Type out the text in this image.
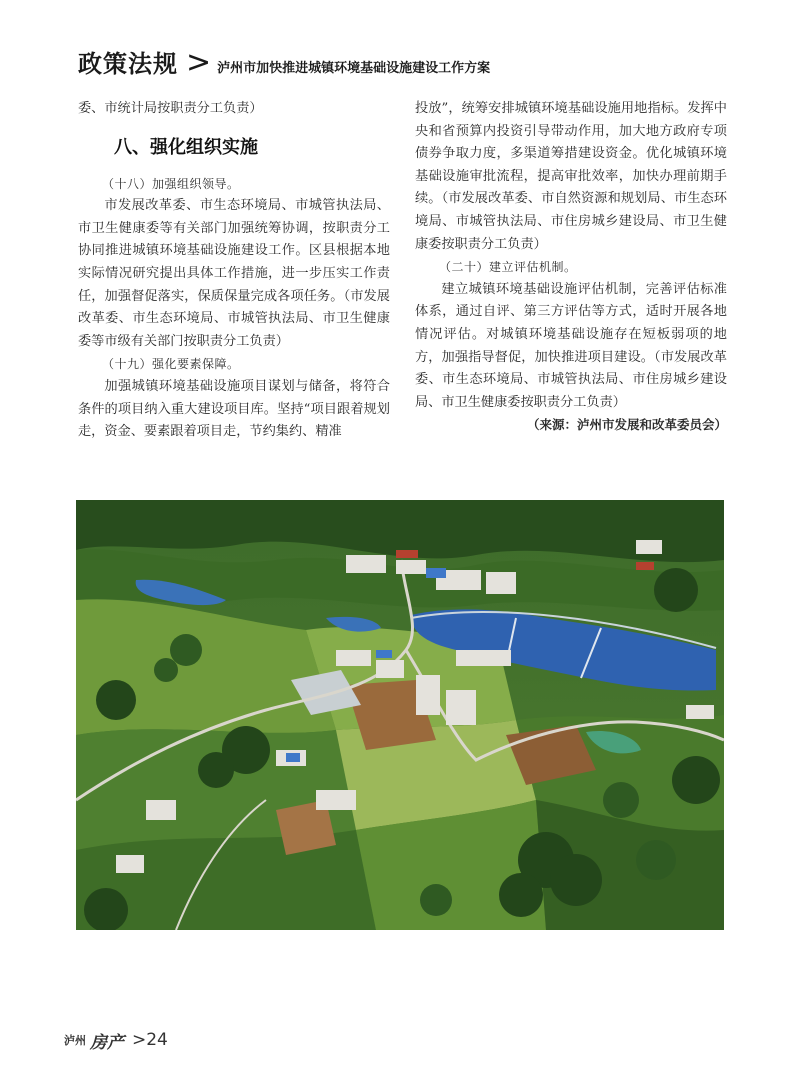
政策法规 > 泸州市加快推进城镇环境基础设施建设工作方案

委、市统计局按职责分工负责）

八、强化组织实施

（十八）加强组织领导。

市发展改革委、市生态环境局、市城管执法局、市卫生健康委等有关部门加强统筹协调，按职责分工协同推进城镇环境基础设施建设工作。区县根据本地实际情况研究提出具体工作措施，进一步压实工作责任，加强督促落实，保质保量完成各项任务。（市发展改革委、市生态环境局、市城管执法局、市卫生健康委等市级有关部门按职责分工负责）

（十九）强化要素保障。

加强城镇环境基础设施项目谋划与储备，将符合条件的项目纳入重大建设项目库。坚持“项目跟着规划走，资金、要素跟着项目走，节约集约、精准

投放”，统筹安排城镇环境基础设施用地指标。发挥中央和省预算内投资引导带动作用，加大地方政府专项债券争取力度，多渠道筹措建设资金。优化城镇环境基础设施审批流程，提高审批效率，加快办理前期手续。（市发展改革委、市自然资源和规划局、市生态环境局、市城管执法局、市住房城乡建设局、市卫生健康委按职责分工负责）

（二十）建立评估机制。

建立城镇环境基础设施评估机制，完善评估标准体系，通过自评、第三方评估等方式，适时开展各地情况评估。对城镇环境基础设施存在短板弱项的地方，加强指导督促，加快推进项目建设。（市发展改革委、市生态环境局、市城管执法局、市住房城乡建设局、市卫生健康委按职责分工负责）

（来源：泸州市发展和改革委员会）

泸州 房产 >24
